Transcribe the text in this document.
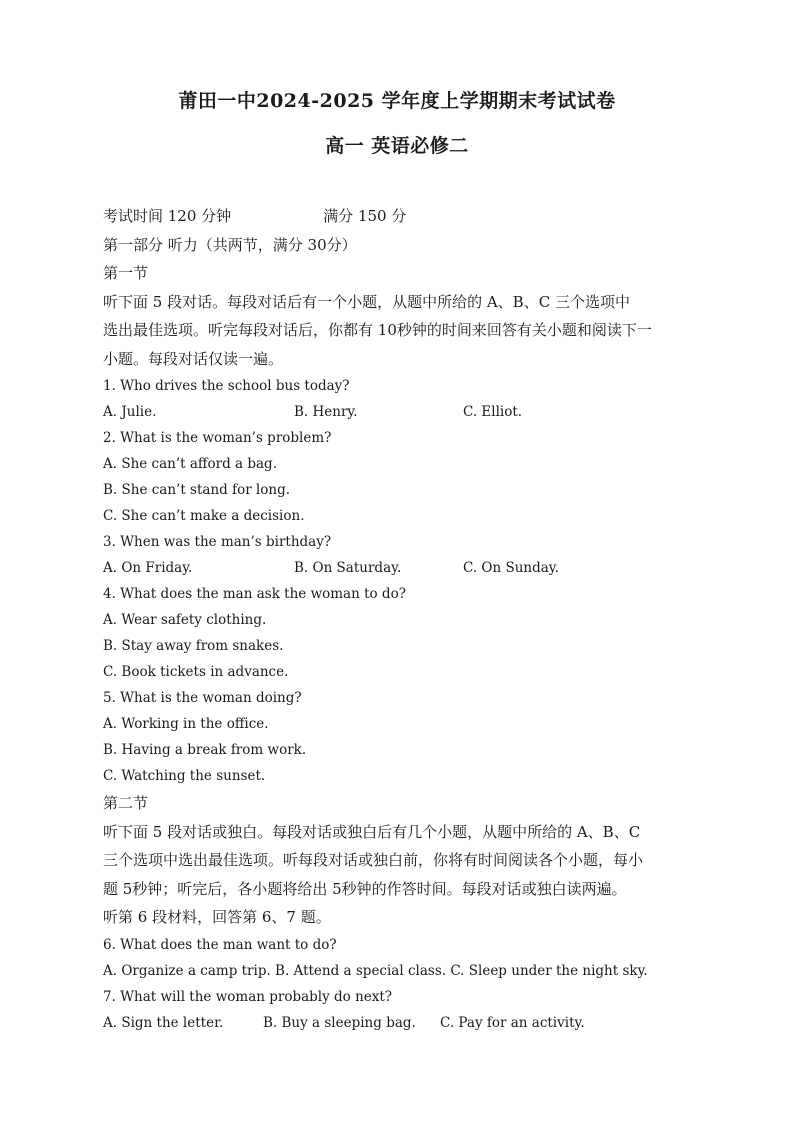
莆田一中2024-2025 学年度上学期期末考试试卷
高一 英语必修二
考试时间 120 分钟	满分 150 分
第一部分 听力（共两节，满分 30分）
第一节
听下面 5 段对话。每段对话后有一个小题，从题中所给的 A、B、C 三个选项中
选出最佳选项。听完每段对话后，你都有 10秒钟的时间来回答有关小题和阅读下一
小题。每段对话仅读一遍。
1. Who drives the school bus today?
A. Julie.	B. Henry.	C. Elliot.
2. What is the woman’s problem?
A. She can’t afford a bag.
B. She can’t stand for long.
C. She can’t make a decision.
3. When was the man’s birthday?
A. On Friday.	B. On Saturday.	C. On Sunday.
4. What does the man ask the woman to do?
A. Wear safety clothing.
B. Stay away from snakes.
C. Book tickets in advance.
5. What is the woman doing?
A. Working in the office.
B. Having a break from work.
C. Watching the sunset.
第二节
听下面 5 段对话或独白。每段对话或独白后有几个小题，从题中所给的 A、B、C
三个选项中选出最佳选项。听每段对话或独白前，你将有时间阅读各个小题，每小
题 5秒钟；听完后，各小题将给出 5秒钟的作答时间。每段对话或独白读两遍。
听第 6 段材料，回答第 6、7 题。
6. What does the man want to do?
A. Organize a camp trip. B. Attend a special class. C. Sleep under the night sky.
7. What will the woman probably do next?
A. Sign the letter.	B. Buy a sleeping bag. C. Pay for an activity.
